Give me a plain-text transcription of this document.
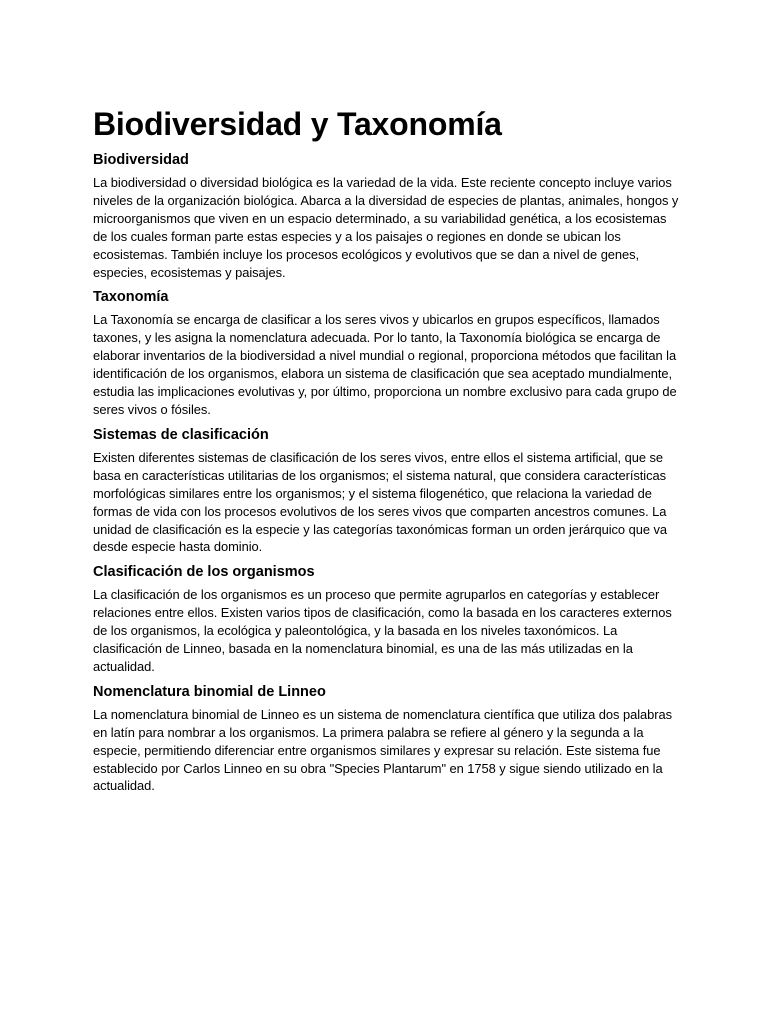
Biodiversidad y Taxonomía
Biodiversidad

La biodiversidad o diversidad biológica es la variedad de la vida. Este reciente concepto incluye varios niveles de la organización biológica. Abarca a la diversidad de especies de plantas, animales, hongos y microorganismos que viven en un espacio determinado, a su variabilidad genética, a los ecosistemas de los cuales forman parte estas especies y a los paisajes o regiones en donde se ubican los ecosistemas. También incluye los procesos ecológicos y evolutivos que se dan a nivel de genes, especies, ecosistemas y paisajes.

Taxonomía

La Taxonomía se encarga de clasificar a los seres vivos y ubicarlos en grupos específicos, llamados taxones, y les asigna la nomenclatura adecuada. Por lo tanto, la Taxonomía biológica se encarga de elaborar inventarios de la biodiversidad a nivel mundial o regional, proporciona métodos que facilitan la identificación de los organismos, elabora un sistema de clasificación que sea aceptado mundialmente, estudia las implicaciones evolutivas y, por último, proporciona un nombre exclusivo para cada grupo de seres vivos o fósiles.

Sistemas de clasificación

Existen diferentes sistemas de clasificación de los seres vivos, entre ellos el sistema artificial, que se basa en características utilitarias de los organismos; el sistema natural, que considera características morfológicas similares entre los organismos; y el sistema filogenético, que relaciona la variedad de formas de vida con los procesos evolutivos de los seres vivos que comparten ancestros comunes. La unidad de clasificación es la especie y las categorías taxonómicas forman un orden jerárquico que va desde especie hasta dominio.

Clasificación de los organismos

La clasificación de los organismos es un proceso que permite agruparlos en categorías y establecer relaciones entre ellos. Existen varios tipos de clasificación, como la basada en los caracteres externos de los organismos, la ecológica y paleontológica, y la basada en los niveles taxonómicos. La clasificación de Linneo, basada en la nomenclatura binomial, es una de las más utilizadas en la actualidad.

Nomenclatura binomial de Linneo

La nomenclatura binomial de Linneo es un sistema de nomenclatura científica que utiliza dos palabras en latín para nombrar a los organismos. La primera palabra se refiere al género y la segunda a la especie, permitiendo diferenciar entre organismos similares y expresar su relación. Este sistema fue establecido por Carlos Linneo en su obra "Species Plantarum" en 1758 y sigue siendo utilizado en la actualidad.
